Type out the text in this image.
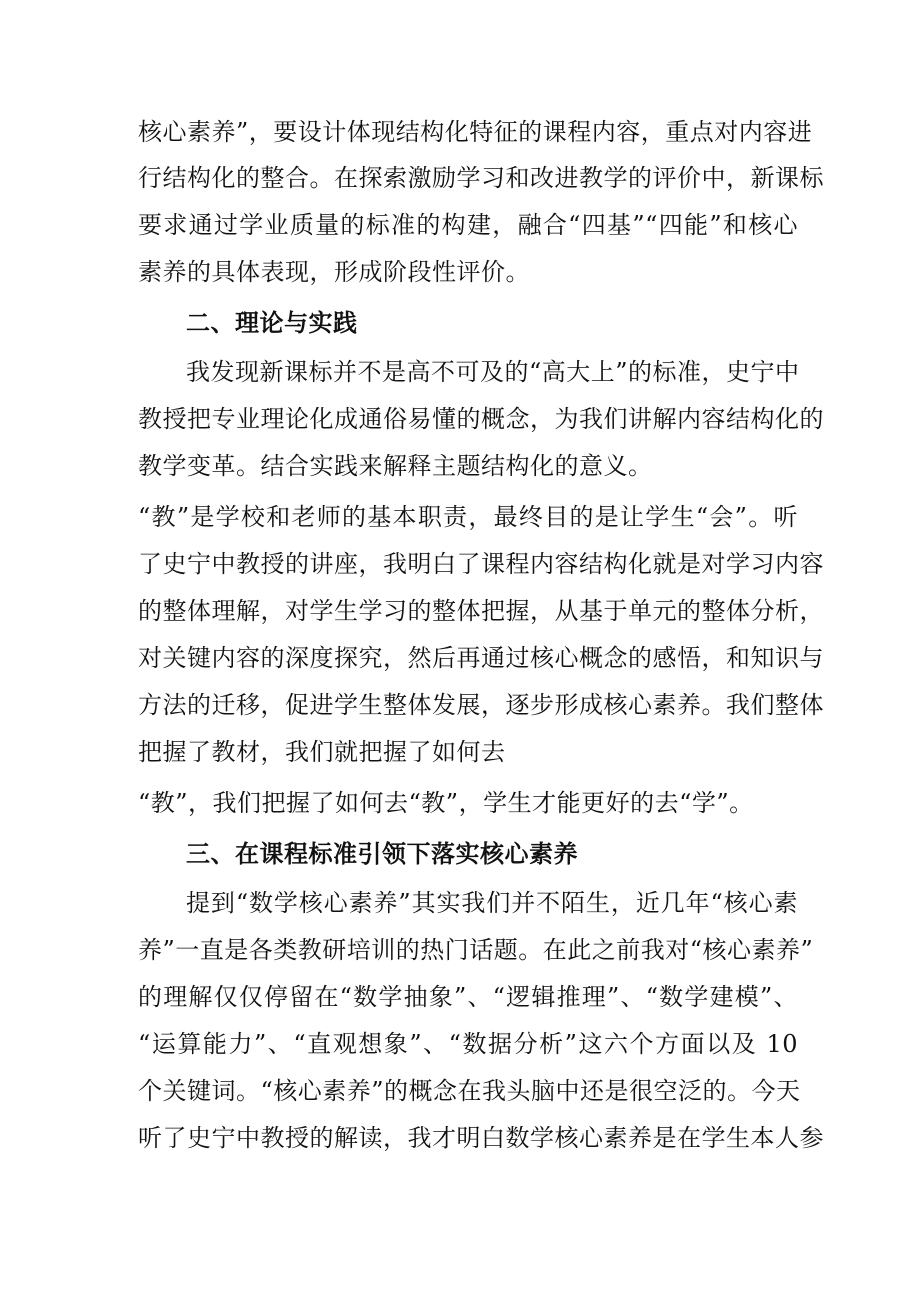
核心素养”，要设计体现结构化特征的课程内容，重点对内容进
行结构化的整合。在探索激励学习和改进教学的评价中，新课标
要求通过学业质量的标准的构建，融合“四基”“四能”和核心
素养的具体表现，形成阶段性评价。
二、理论与实践
我发现新课标并不是高不可及的“高大上”的标准，史宁中
教授把专业理论化成通俗易懂的概念，为我们讲解内容结构化的
教学变革。结合实践来解释主题结构化的意义。
“教”是学校和老师的基本职责，最终目的是让学生“会”。听
了史宁中教授的讲座，我明白了课程内容结构化就是对学习内容
的整体理解，对学生学习的整体把握，从基于单元的整体分析，
对关键内容的深度探究，然后再通过核心概念的感悟，和知识与
方法的迁移，促进学生整体发展，逐步形成核心素养。我们整体
把握了教材，我们就把握了如何去
“教”，我们把握了如何去“教”，学生才能更好的去“学”。
三、在课程标准引领下落实核心素养
提到“数学核心素养”其实我们并不陌生，近几年“核心素
养”一直是各类教研培训的热门话题。在此之前我对“核心素养”
的理解仅仅停留在“数学抽象”、“逻辑推理”、“数学建模”、
“运算能力”、“直观想象”、“数据分析”这六个方面以及 10
个关键词。“核心素养”的概念在我头脑中还是很空泛的。今天
听了史宁中教授的解读，我才明白数学核心素养是在学生本人参
